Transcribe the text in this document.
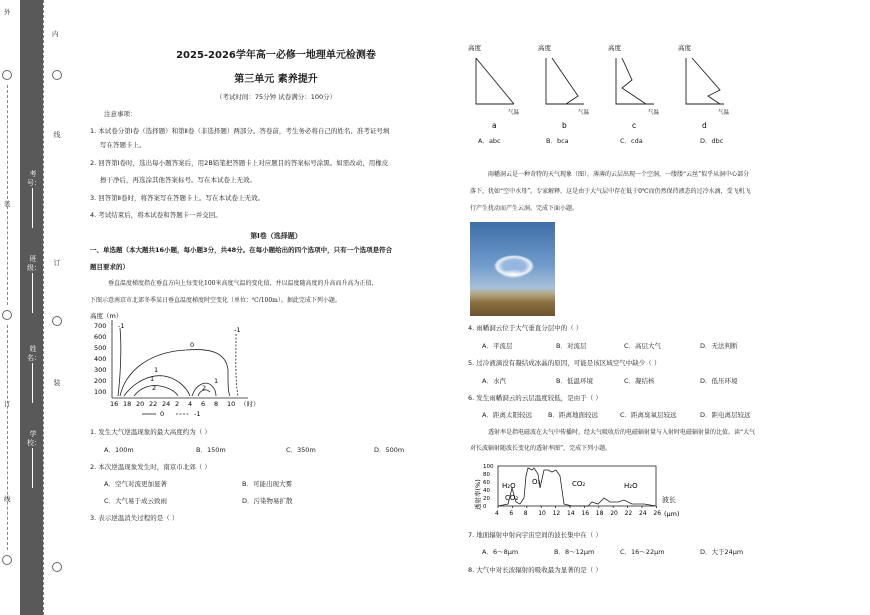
学校：
姓名：
班级：
考号：
外
装
订
线
线
订
装
内
2025-2026学年高一必修一地理单元检测卷
第三单元 素养提升
（考试时间：75分钟 试卷满分：100分）
注意事项：
1. 本试卷分第Ⅰ卷（选择题）和第Ⅱ卷（非选择题）两部分。答卷前，考生务必将自己的姓名、准考证号填
写在答题卡上。
2. 回答第Ⅰ卷时，选出每小题答案后，用2B铅笔把答题卡上对应题目的答案标号涂黑。如需改动，用橡皮
擦干净后，再选涂其他答案标号。写在本试卷上无效。
3. 回答第Ⅱ卷时，将答案写在答题卡上。写在本试卷上无效。
4. 考试结束后，将本试卷和答题卡一并交回。
第Ⅰ卷（选择题）
一、单选题（本大题共16小题，每小题3分，共48分。在每小题给出的四个选项中，只有一个选项是符合
题目要求的）
垂直温度梯度指在垂直方向上每变化100米高度气温的变化值，并以温度随高度的升高而升高为正值，
下图示意南京市北郊冬季某日垂直温度梯度时空变化（单位：℃/100m）。据此完成下列小题。
高度（m）
700
600
500
400
300
200
100
16 18 20 22 24 2 4 6 8 10 （时）
-1	-1
0
1
1
2	2
1
0	-1
1. 发生大气逆温现象的最大高度约为（ ）
A．100m	B．150m	C．350m	D．500m
2. 本次逆温现象发生时，南京市北郊（ ）
A．空气对流更加显著	B．可能出现大雾
C．大气易于成云致雨	D．污染物易扩散
3. 表示逆温消失过程的是（ ）
高度
气温
a
高度
气温
b
高度
气温
c
高度
气温
d
A．abc	B．bca	C．cda	D．dbc
雨幡洞云是一种奇特的天气现象（图），薄薄的云层出现一个空洞，一缕缕“云丝”似乎从洞中心部分
落下，犹如“空中水母”。专家解释，这是由于大气层中存在低于0℃而仍然保持液态的过冷水滴，受飞机飞
行产生扰动而产生云洞。完成下面小题。
4. 雨幡洞云位于大气垂直分层中的（ ）
A．平流层	B．对流层	C．高层大气	D．无法判断
5. 过冷液滴没有凝结成冰晶的原因，可能是该区域空气中缺少（ ）
A．水汽	B．低温环境	C．凝结核	D．低压环境
6. 发生雨幡洞云的云层温度较低，是由于（ ）
A．距离太阳较远 B．距离地面较远	C．距离臭氧层较远	D．距电离层较远
透射率是指电磁波在大气中传播时，经大气吸收后的电磁辐射量与入射时电磁辐射量的比值。读“大气
对长波辐射随波长变化的透射率图”，完成下列小题。
透射率(%)
100
80
60
40
20
0
4 6 8 10 12 14 16 18 20 22 24 26
H₂O
CO₂
O₃	CO₂	H₂O
波长
(μm)
7. 地面辐射中射向宇宙空间的波长集中在（ ）
A．6～8μm	B．8～12μm	C．16～22μm	D．大于24μm
8. 大气中对长波辐射的吸收最为显著的是（ ）
